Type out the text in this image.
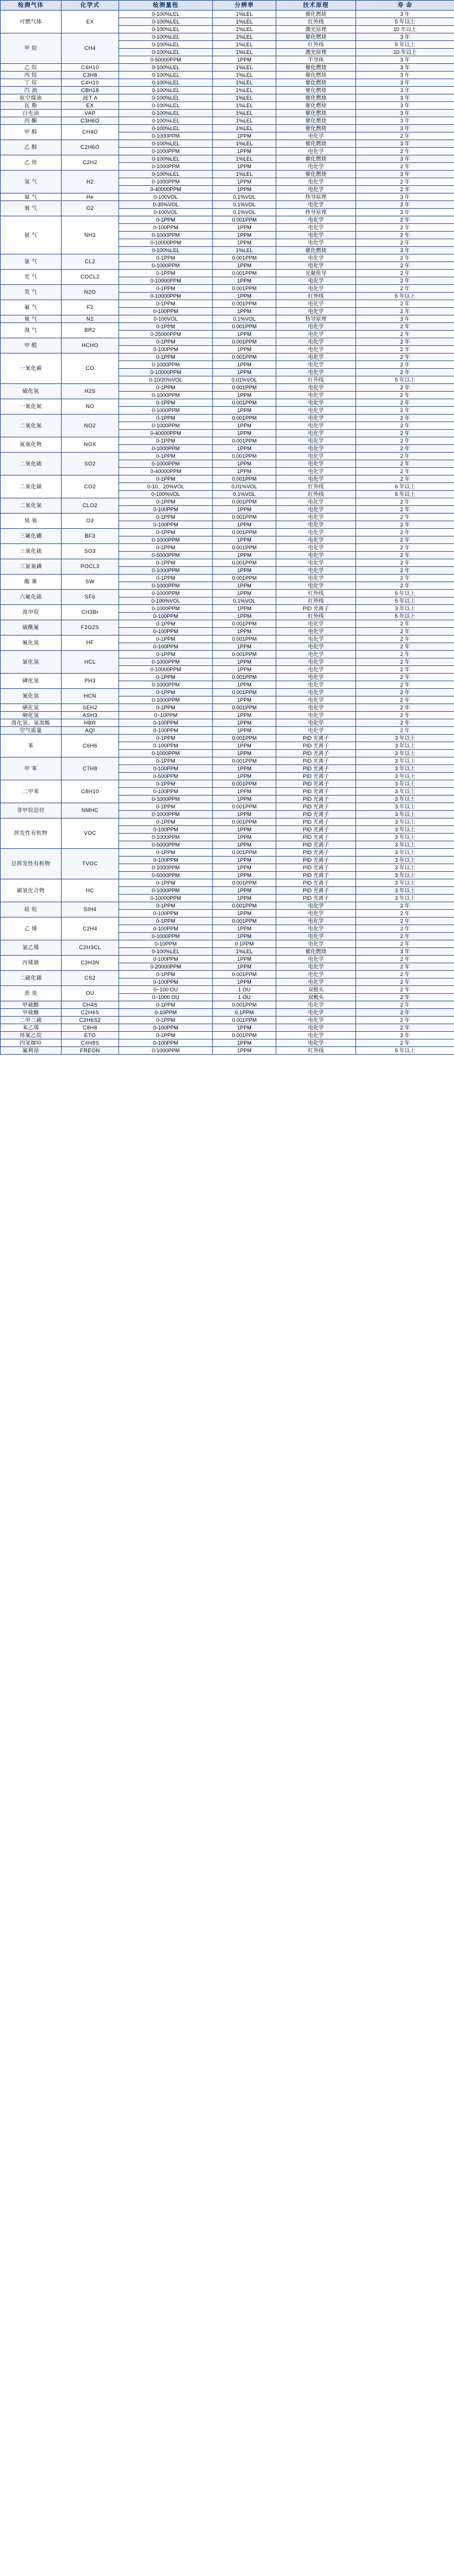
检测气体	化学式	检测量程	分辨率	技术原理	寿 命
可燃气体	EX	0-100%LEL	1%LEL	催化燃烧	3 年
		0-100%LEL	1%LEL	红外线	5 年以上
		0-100%LEL	1%LEL	激光原理	10 年以上
甲 烷	CH4	0-100%LEL	1%LEL	催化燃烧	3 年
		0-100%LEL	1%LEL	红外线	5 年以上
		0-100%LEL	1%LEL	激光原理	10 年以上
		0-50000PPM	1PPM	半导体	3 年
乙 烷	C4H10	0-100%LEL	1%LEL	催化燃烧	3 年
丙 烷	C3H8	0-100%LEL	1%LEL	催化燃烧	3 年
丁 烷	C4H10	0-100%LEL	1%LEL	催化燃烧	3 年
汽 油	C8H18	0-100%LEL	1%LEL	催化燃烧	3 年
航空煤油	JET A	0-100%LEL	1%LEL	催化燃烧	3 年
瓦 斯	EX	0-100%LEL	1%LEL	催化燃烧	3 年
白电油	VAP	0-100%LEL	1%LEL	催化燃烧	3 年
丙 酮	C3H6O	0-100%LEL	1%LEL	催化燃烧	3 年
甲 醇	CH4O	0-100%LEL	1%LEL	催化燃烧	3 年
		0-1000PPM	1PPM	电化学	2 年
乙 醇	C2H6O	0-100%LEL	1%LEL	催化燃烧	3 年
		0-1000PPM	1PPM	电化学	2 年
乙 炔	C2H2	0-100%LEL	1%LEL	催化燃烧	3 年
		0-1000PPM	1PPM	电化学	2 年
氢 气	H2	0-100%LEL	1%LEL	催化燃烧	3 年
		0-1000PPM	1PPM	电化学	2 年
		0-40000PPM	1PPM	电化学	2 年
氦 气	He	0-100VOL	0.1%VOL	热导原理	3 年
氧 气	O2	0-30%VOL	0.1%VOL	电化学	2 年
		0-100VOL	0.1%VOL	热导原理	3 年
氨 气	NH3	0-1PPM	0.001PPM	电化学	2 年
		0-100PPM	1PPM	电化学	2 年
		0-1000PPM	1PPM	电化学	2 年
		0-10000PPM	1PPM	电化学	2 年
		0-100%LEL	1%LEL	催化燃烧	3 年
氯 气	CL2	0-1PPM	0.001PPM	电化学	2 年
		0-1000PPM	1PPM	电化学	2 年
光 气	COCL2	0-1PPM	0.001PPM	光聚焦导	2 年
		0-10000PPM	1PPM	电化学	2 年
笑 气	N2O	0-1PPM	0.001PPM	电化学	2 年
		0-10000PPM	1PPM	红外线	5 年以上
氟 气	F2	0-1PPM	0.001PPM	电化学	2 年
		0-100PPM	1PPM	电化学	2 年
氮 气	N2	0-100VOL	0.1%VOL	热导原理	3 年
溴 气	BR2	0-1PPM	0.001PPM	电化学	2 年
		0-25000PPM	1PPM	电化学	2 年
甲 醛	HCHO	0-1PPM	0.001PPM	电化学	2 年
		0-100PPM	1PPM	电化学	2 年
一氧化碳	CO	0-1PPM	0.001PPM	电化学	2 年
		0-1000PPM	1PPM	电化学	2 年
		0-10000PPM	1PPM	电化学	2 年
		0-10/20%VOL	0.01%VOL	红外线	5 年以上
硫化氢	H2S	0-1PPM	0.001PPM	电化学	2 年
		0-1000PPM	1PPM	电化学	2 年
一氧化氮	NO	0-1PPM	0.001PPM	电化学	2 年
		0-1000PPM	1PPM	电化学	2 年
二氧化氮	NO2	0-1PPM	0.001PPM	电化学	2 年
		0-1000PPM	1PPM	电化学	2 年
		0-40000PPM	1PPM	电化学	2 年
氮氧化物	NOX	0-1PPM	0.001PPM	电化学	2 年
		0-1000PPM	1PPM	电化学	2 年
二氧化硫	SO2	0-1PPM	0.001PPM	电化学	2 年
		0-1000PPM	1PPM	电化学	2 年
		0-40000PPM	1PPM	电化学	2 年
二氧化碳	CO2	0-1PPM	0.001PPM	电化学	2 年
		0-10、20%VOL	0.01%VOL	红外线	6 年以上
		0-100%VOL	0.1%VOL	红外线	5 年以上
二氧化氯	CLO2	0-1PPM	0.001PPM	电化学	2 年
		0-100PPM	1PPM	电化学	2 年
臭 氧	O3	0-1PPM	0.001PPM	电化学	2 年
		0-100PPM	1PPM	电化学	2 年
三氟化硼	BF3	0-1PPM	0.001PPM	电化学	2 年
		0-1000PPM	1PPM	电化学	2 年
三氧化硫	SO3	0-1PPM	0.001PPM	电化学	2 年
		0-5000PPM	1PPM	电化学	2 年
三氯氧磷	POCL3	0-1PPM	0.001PPM	电化学	2 年
		0-1000PPM	1PPM	电化学	2 年
酸 雾	SW	0-1PPM	0.001PPM	电化学	2 年
		0-1000PPM	1PPM	电化学	2 年
六氟化硫	SF6	0-1000PPM	1PPM	红外线	5 年以上
		0-100%VOL	0.1%VOL	红外线	5 年以上
溴甲烷	CH3Br	0-1000PPM	1PPM	PID 光离子	3 年以上
		0-100PPM	1PPM	红外线	5 年以上
硫酰氟	F2O2S	0-1PPM	0.001PPM	电化学	2 年
		0-100PPM	1PPM	电化学	2 年
氟化氢	HF	0-1PPM	0.001PPM	电化学	2 年
		0-100PPM	1PPM	电化学	2 年
氯化氢	HCL	0-1PPM	0.001PPM	电化学	2 年
		0-1000PPM	1PPM	电化学	2 年
		0-10000PPM	1PPM	电化学	2 年
磷化氢	PH3	0-1PPM	0.001PPM	电化学	2 年
		0-1000PPM	1PPM	电化学	2 年
氰化氢	HCN	0-1PPM	0.001PPM	电化学	2 年
		0-1000PPM	1PPM	电化学	2 年
硒化氢	SEH2	0-1PPM	0.001PPM	电化学	2 年
砷化氢	ASH3	0~10PPM	1PPM	电化学	2 年
溴化氢、氢溴酸	HBR	0-100PPM	1PPM	电化学	2 年
空气质量	AQI	0-100PPM	1PPM	电化学	2 年
苯	C6H6	0-1PPM	0.001PPM	PID 光离子	3 年以上
		0-100PPM	1PPM	PID 光离子	3 年以上
		0-1000PPM	1PPM	PID 光离子	3 年以上
甲 苯	C7H8	0-1PPM	0.001PPM	PID 光离子	3 年以上
		0-100PPM	1PPM	PID 光离子	3 年以上
		0-500PPM	1PPM	PID 光离子	3 年以上
二甲苯	C8H10	0-1PPM	0.001PPM	PID 光离子	3 年以上
		0-100PPM	1PPM	PID 光离子	3 年以上
		0-1000PPM	1PPM	PID 光离子	3 年以上
非甲烷总烃	NMHC	0-1PPM	0.001PPM	PID 光离子	3 年以上
		0-1000PPM	1PPM	PID 光离子	3 年以上
挥发性有机物	VOC	0-1PPM	0.001PPM	PID 光离子	3 年以上
		0-100PPM	1PPM	PID 光离子	3 年以上
		0-1000PPM	1PPM	PID 光离子	3 年以上
		0-5000PPM	1PPM	PID 光离子	3 年以上
总挥发性有机物	TVOC	0-1PPM	0.001PPM	PID 光离子	3 年以上
		0-100PPM	1PPM	PID 光离子	3 年以上
		0-1000PPM	1PPM	PID 光离子	3 年以上
		0-5000PPM	1PPM	PID 光离子	3 年以上
碳氢化合物	HC	0-1PPM	0.001PPM	PID 光离子	3 年以上
		0-1000PPM	1PPM	PID 光离子	3 年以上
		0-10000PPM	1PPM	PID 光离子	3 年以上
硅 烷	SIH4	0-1PPM	0.001PPM	电化学	2 年
		0-100PPM	1PPM	电化学	2 年
乙 烯	C2H4	0-1PPM	0.001PPM	电化学	2 年
		0-100PPM	1PPM	电化学	2 年
		0-1000PPM	1PPM	电化学	2 年
氯乙烯	C2H3CL	0-10PPM	0.1PPM	电化学	2 年
		0-100%LEL	1%LEL	催化燃烧	3 年
丙烯腈	C3H3N	0-100PPM	1PPM	电化学	2 年
		0-20000PPM	1PPM	电化学	2 年
二硫化碳	CS2	0-1PPM	0.001PPM	电化学	2 年
		0-100PPM	1PPM	电化学	2 年
恶 臭	OU	0~100 OU	1 OU	双极头	2 年
		0~1000 OU	1 OU	双极头	2 年
甲硫醇	CH4S	0-1PPM	0.001PPM	电化学	2 年
甲硫醚	C2H6S	0-10PPM	0.1PPM	电化学	2 年
二甲二硫	C2H6S2	0-1PPM	0.001PPM	电化学	2 年
苯乙烯	C8H8	0-100PPM	1PPM	电化学	2 年
环氧乙烷	ETO	0-1PPM	0.001PPM	电化学	2 年
四氢噻吩	C4H8S	0-100PPM	1PPM	电化学	2 年
氟利昂	FREON	0-1000PPM	1PPM	红外线	5 年以上
